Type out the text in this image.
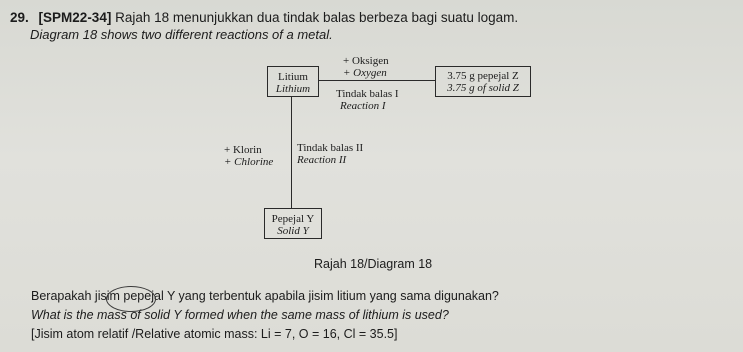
29. [SPM22-34] Rajah 18 menunjukkan dua tindak balas berbeza bagi suatu logam.
Diagram 18 shows two different reactions of a metal.
Litium
Lithium
+ Oksigen
+ Oxygen
Tindak balas I
Reaction I
3.75 g pepejal Z
3.75 g of solid Z
+ Klorin
+ Chlorine
Tindak balas II
Reaction II
Pepejal Y
Solid Y
Rajah 18/Diagram 18
Berapakah jisim pepejal Y yang terbentuk apabila jisim litium yang sama digunakan?
What is the mass of solid Y formed when the same mass of lithium is used?
[Jisim atom relatif /Relative atomic mass: Li = 7, O = 16, Cl = 35.5]
